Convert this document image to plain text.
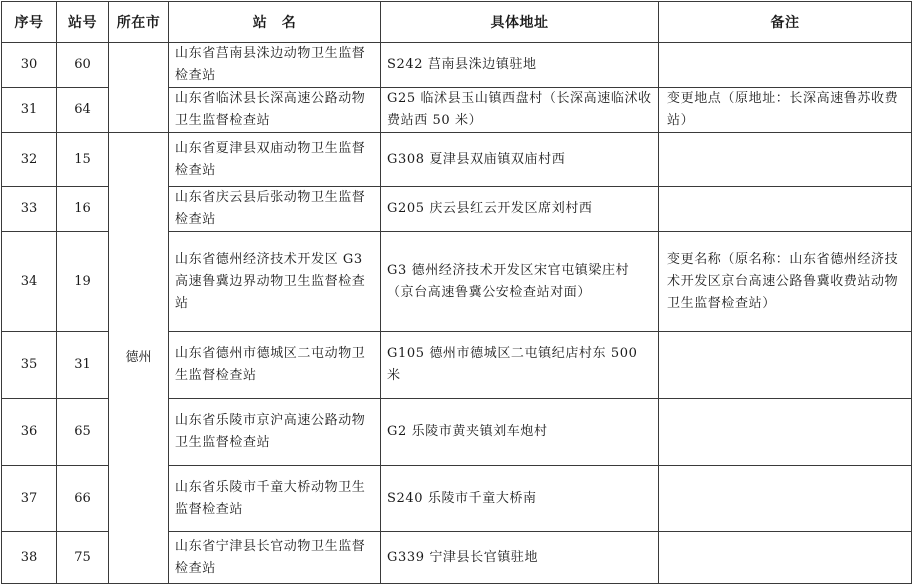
序号	站号	所在市	站　名	具体地址	备注
30	60		山东省莒南县洙边动物卫生监督检查站	S242 莒南县洙边镇驻地	
31	64		山东省临沭县长深高速公路动物卫生监督检查站	G25 临沭县玉山镇西盘村（长深高速临沭收费站西 50 米）	变更地点（原地址：长深高速鲁苏收费站）
32	15	德州	山东省夏津县双庙动物卫生监督检查站	G308 夏津县双庙镇双庙村西	
33	16		山东省庆云县后张动物卫生监督检查站	G205 庆云县红云开发区席刘村西	
34	19		山东省德州经济技术开发区 G3 高速鲁冀边界动物卫生监督检查站	G3 德州经济技术开发区宋官屯镇梁庄村（京台高速鲁冀公安检查站对面）	变更名称（原名称：山东省德州经济技术开发区京台高速公路鲁冀收费站动物卫生监督检查站）
35	31		山东省德州市德城区二屯动物卫生监督检查站	G105 德州市德城区二屯镇纪店村东 500 米	
36	65		山东省乐陵市京沪高速公路动物卫生监督检查站	G2 乐陵市黄夹镇刘车炮村	
37	66		山东省乐陵市千童大桥动物卫生监督检查站	S240 乐陵市千童大桥南	
38	75		山东省宁津县长官动物卫生监督检查站	G339 宁津县长官镇驻地	
